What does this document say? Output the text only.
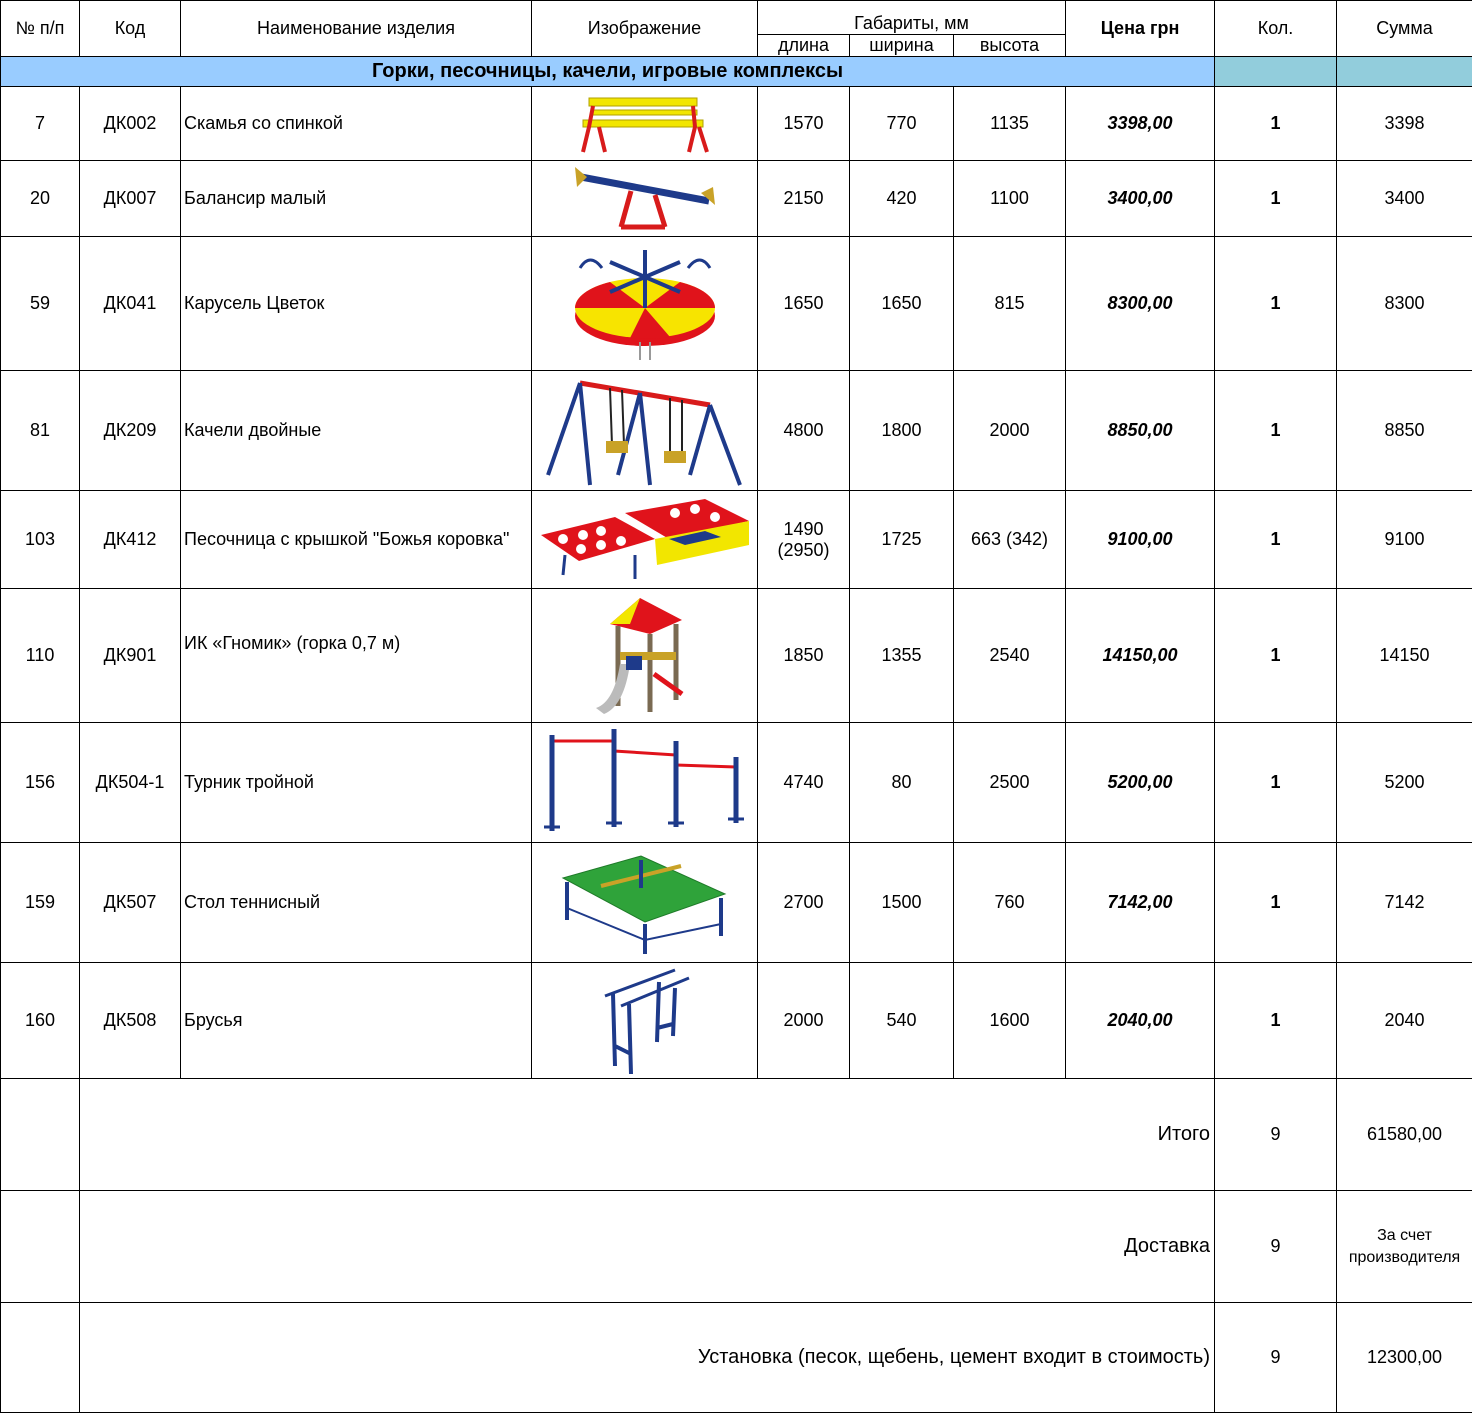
№ п/п	Код	Наименование изделия	Изображение	Габариты, мм			Цена грн	Кол.	Сумма
				длина	ширина	высота			
Горки, песочницы, качели, игровые комплексы									
7	ДК002	Скамья со спинкой		1570	770	1135	3398,00	1	3398
20	ДК007	Балансир малый		2150	420	1100	3400,00	1	3400
59	ДК041	Карусель Цветок		1650	1650	815	8300,00	1	8300
81	ДК209	Качели двойные		4800	1800	2000	8850,00	1	8850
103	ДК412	Песочница с крышкой "Божья коровка"		1490 (2950)	1725	663 (342)	9100,00	1	9100
110	ДК901	ИК «Гномик» (горка 0,7 м)		1850	1355	2540	14150,00	1	14150
156	ДК504-1	Турник тройной		4740	80	2500	5200,00	1	5200
159	ДК507	Стол теннисный		2700	1500	760	7142,00	1	7142
160	ДК508	Брусья		2000	540	1600	2040,00	1	2040
	Итого							9	61580,00
	Доставка							9	За счет производителя
	Установка (песок, щебень, цемент входит в стоимость)							9	12300,00
